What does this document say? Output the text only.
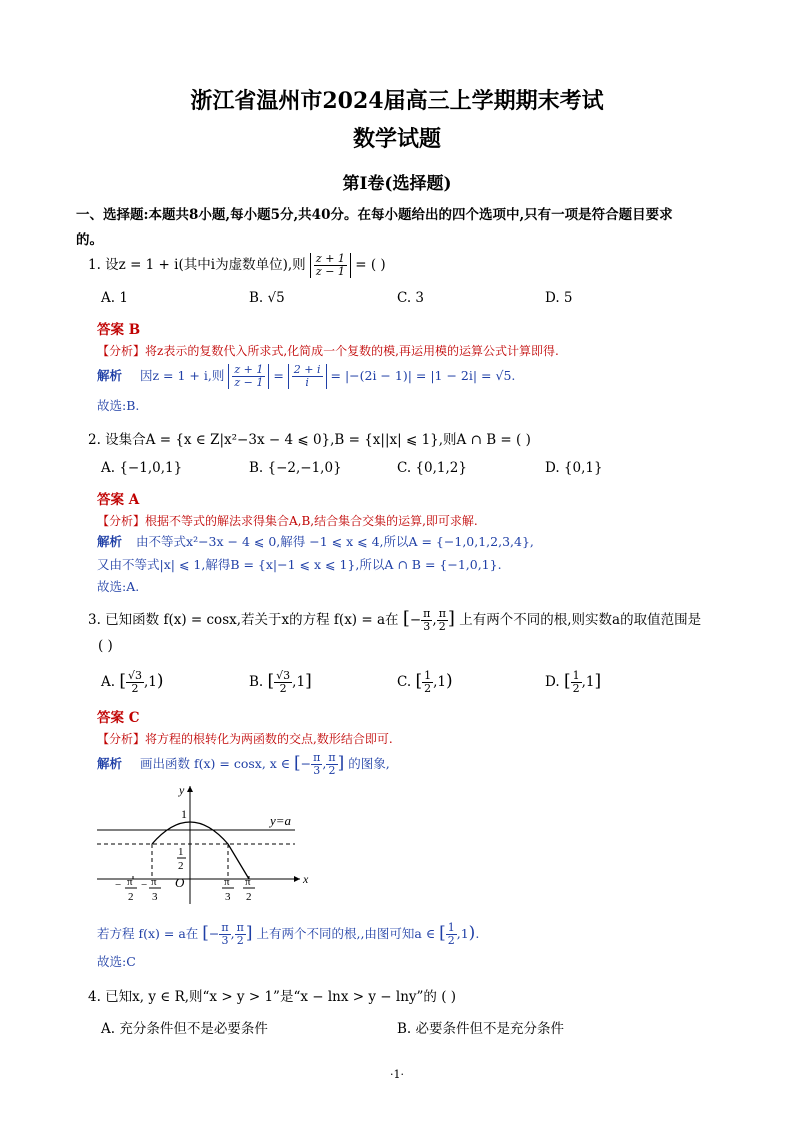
浙江省温州市2024届高三上学期期末考试
数学试题
第Ⅰ卷(选择题)
一、选择题:本题共8小题,每小题5分,共40分。在每小题给出的四个选项中,只有一项是符合题目要求
的。
1. 设z = 1 + i(其中i为虚数单位),则 $\frac{z + 1}{z - 1}$ = ( )
A. 1	B. √5	C. 3	D. 5
答案 B
【分析】将z表示的复数代入所求式,化简成一个复数的模,再运用模的运算公式计算即得.
解析 因z = 1 + i,则 $\frac{z + 1}{z - 1} = \frac{2 + i}{i} = |-(2i - 1)| = |1 - 2i| = √5$.
故选:B.
2. 设集合A = {x ∈ Z|x²−3x − 4 ⩽ 0},B = {x||x| ⩽ 1},则A ∩ B = ( )
A. {−1,0,1}	B. {−2,−1,0}	C. {0,1,2}	D. {0,1}
答案 A
【分析】根据不等式的解法求得集合A,B,结合集合交集的运算,即可求解.
解析 由不等式x²−3x − 4 ⩽ 0,解得 −1 ⩽ x ⩽ 4,所以A = {−1,0,1,2,3,4},
又由不等式|x| ⩽ 1,解得B = {x|−1 ⩽ x ⩽ 1},所以A ∩ B = {−1,0,1}.
故选:A.
3. 已知函数 f(x) = cosx,若关于x的方程 f(x) = a在 [− $\frac{\pi}{3}$ , $\frac{\pi}{2}$ ] 上有两个不同的根,则实数a的取值范围是
( )
A. [ $\frac{√3}{2} ,1$)	B. [ $\frac{√3}{2} ,1$]	C. [ $\frac{1}{2} ,1$)	D. [ $\frac{1}{2} ,1$]
答案 C
【分析】将方程的根转化为两函数的交点,数形结合即可.
解析 画出函数 f(x) = cosx, x ∈ [− $\frac{\pi}{3}$ , $\frac{\pi}{2}$ ] 的图象,
y
x
1
1
2
O
y=a
− π
2
− π
3
π
3
π
2
若方程 f(x) = a在 [− $\frac{\pi}{3}$ , $\frac{\pi}{2}$ ] 上有两个不同的根,,由图可知a ∈ [ $\frac{1}{2} ,1$).
故选:C
4. 已知x, y ∈ R,则“x > y > 1”是“x − lnx > y − lny”的 ( )
A. 充分条件但不是必要条件	B. 必要条件但不是充分条件
·1·
